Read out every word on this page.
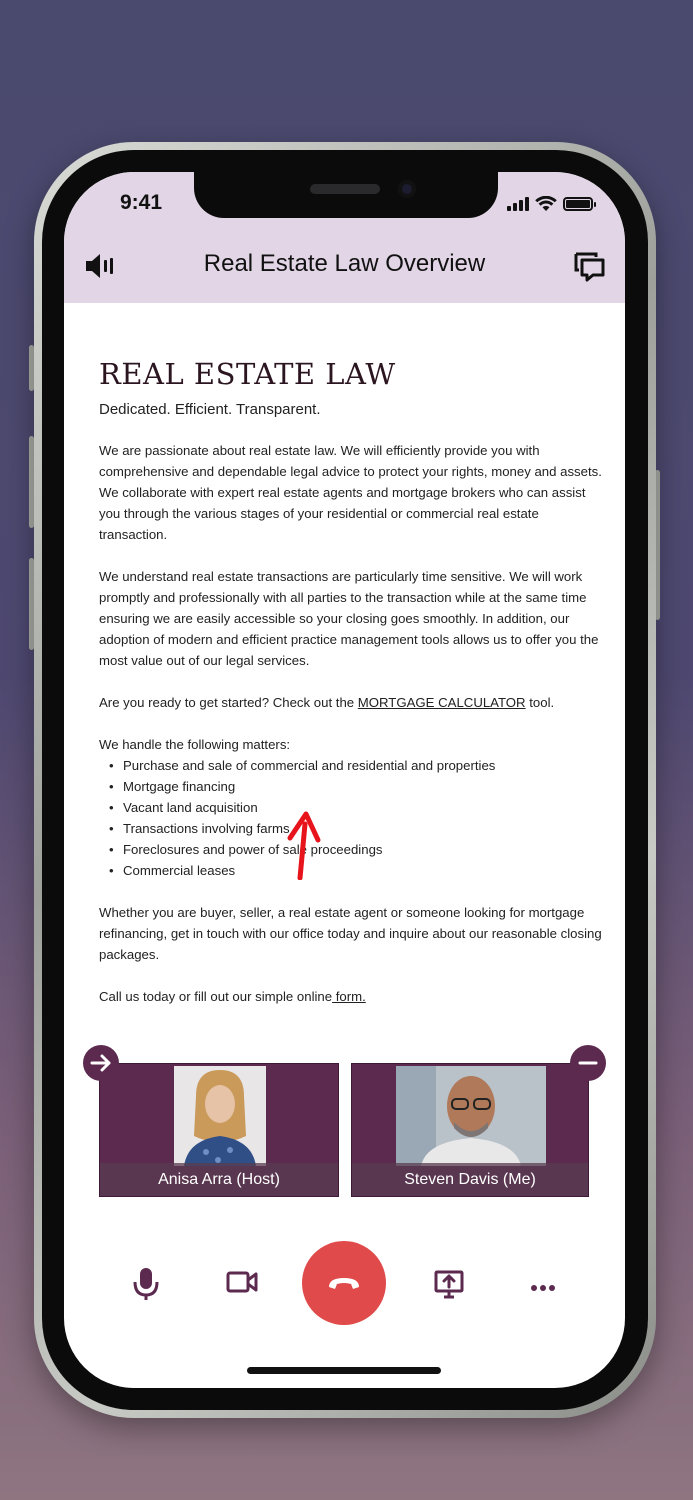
9:41
Real Estate Law Overview
REAL ESTATE LAW
Dedicated. Efficient. Transparent.

We are passionate about real estate law. We will efficiently provide you with comprehensive and dependable legal advice to protect your rights, money and assets. We collaborate with expert real estate agents and mortgage brokers who can assist you through the various stages of your residential or commercial real estate transaction.

We understand real estate transactions are particularly time sensitive. We will work promptly and professionally with all parties to the transaction while at the same time ensuring we are easily accessible so your closing goes smoothly. In addition, our adoption of modern and efficient practice management tools allows us to offer you the most value out of our legal services.

Are you ready to get started? Check out the MORTGAGE CALCULATOR tool.

We handle the following matters:
• Purchase and sale of commercial and residential and properties
• Mortgage financing
• Vacant land acquisition
• Transactions involving farms
• Foreclosures and power of sale proceedings
• Commercial leases

Whether you are buyer, seller, a real estate agent or someone looking for mortgage refinancing, get in touch with our office today and inquire about our reasonable closing packages.

Call us today or fill out our simple online form.

Anisa Arra (Host)	Steven Davis (Me)
